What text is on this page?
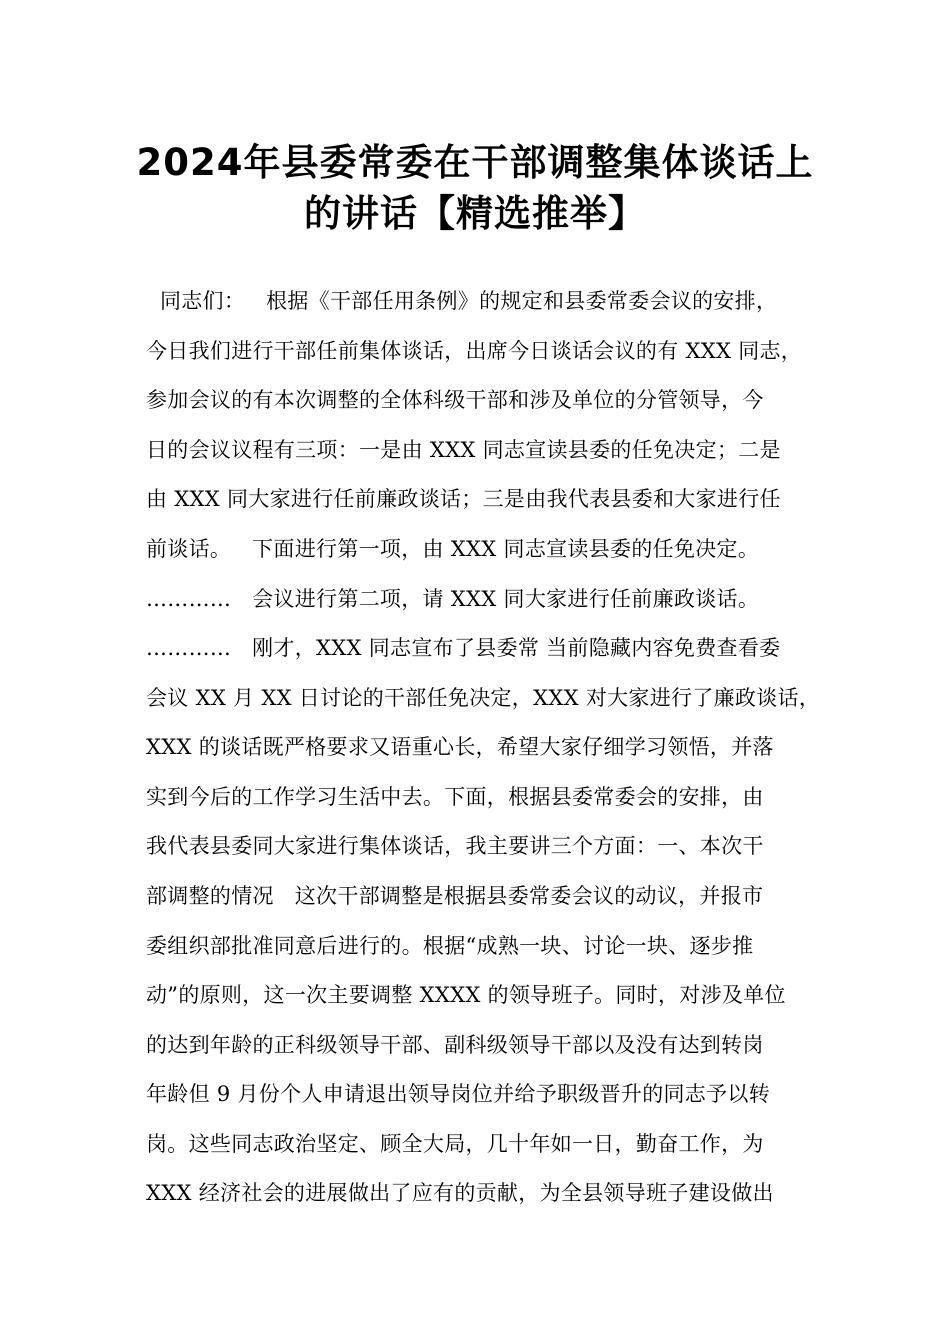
2024年县委常委在干部调整集体谈话上
的讲话【精选推举】
同志们：   根据《干部任用条例》的规定和县委常委会议的安排，
今日我们进行干部任前集体谈话，出席今日谈话会议的有 XXX 同志，
参加会议的有本次调整的全体科级干部和涉及单位的分管领导，今
日的会议议程有三项：一是由 XXX 同志宣读县委的任免决定；二是
由 XXX 同大家进行任前廉政谈话；三是由我代表县委和大家进行任
前谈话。   下面进行第一项，由 XXX 同志宣读县委的任免决定。
…………   会议进行第二项，请 XXX 同大家进行任前廉政谈话。
…………   刚才，XXX 同志宣布了县委常 当前隐藏内容免费查看委
会议 XX 月 XX 日讨论的干部任免决定，XXX 对大家进行了廉政谈话，
XXX 的谈话既严格要求又语重心长，希望大家仔细学习领悟，并落
实到今后的工作学习生活中去。下面，根据县委常委会的安排，由
我代表县委同大家进行集体谈话，我主要讲三个方面：一、本次干
部调整的情况   这次干部调整是根据县委常委会议的动议，并报市
委组织部批准同意后进行的。根据“成熟一块、讨论一块、逐步推
动”的原则，这一次主要调整 XXXX 的领导班子。同时，对涉及单位
的达到年龄的正科级领导干部、副科级领导干部以及没有达到转岗
年龄但 9 月份个人申请退出领导岗位并给予职级晋升的同志予以转
岗。这些同志政治坚定、顾全大局，几十年如一日，勤奋工作，为
XXX 经济社会的进展做出了应有的贡献，为全县领导班子建设做出
